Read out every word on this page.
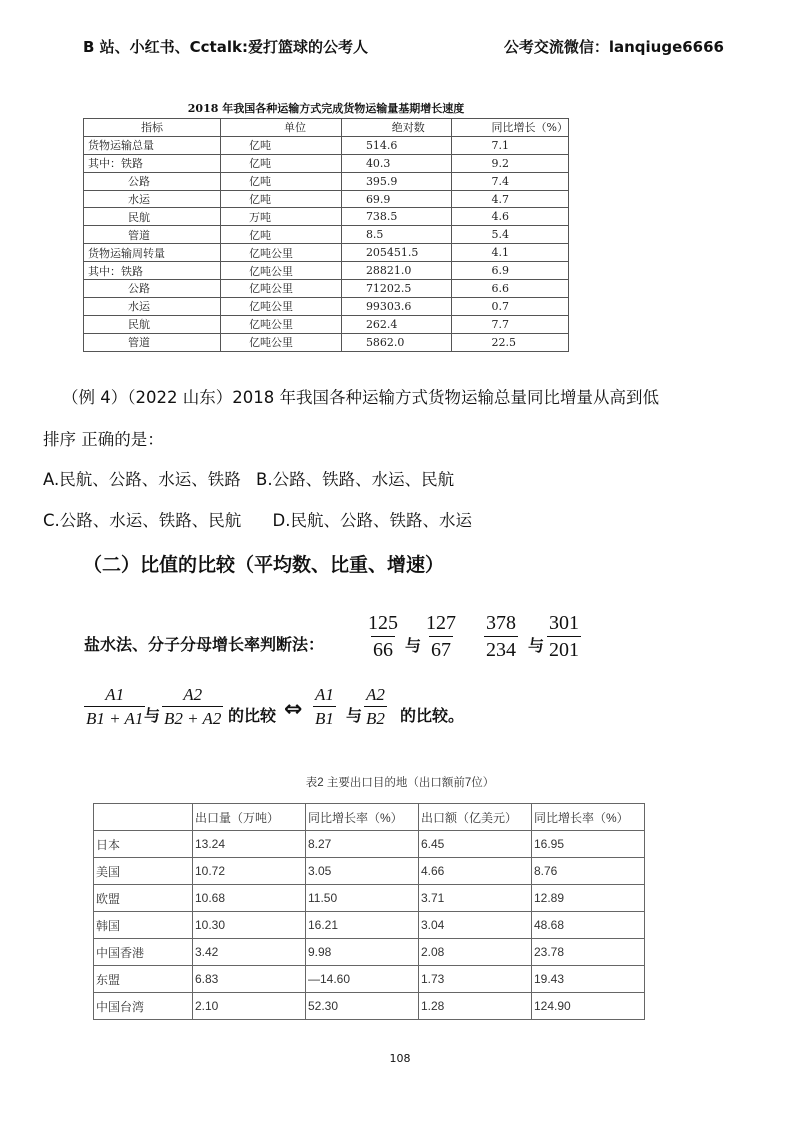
B 站、小红书、Cctalk:爱打篮球的公考人	公考交流微信：lanqiuge6666
2018 年我国各种运输方式完成货物运输量基期增长速度
指标	单位	绝对数	同比增长（%）
货物运输总量	亿吨	514.6	7.1
其中：铁路	亿吨	40.3	9.2
公路	亿吨	395.9	7.4
水运	亿吨	69.9	4.7
民航	万吨	738.5	4.6
管道	亿吨	8.5	5.4
货物运输周转量	亿吨公里	205451.5	4.1
其中：铁路	亿吨公里	28821.0	6.9
公路	亿吨公里	71202.5	6.6
水运	亿吨公里	99303.6	0.7
民航	亿吨公里	262.4	7.7
管道	亿吨公里	5862.0	22.5
（例 4）（2022 山东）2018 年我国各种运输方式货物运输总量同比增量从高到低
排序 正确的是：
A.民航、公路、水运、铁路 B.公路、铁路、水运、民航
C.公路、水运、铁路、民航 D.民航、公路、铁路、水运
（二）比值的比较（平均数、比重、增速）
盐水法、分子分母增长率判断法： $\frac{125}{66}$ 与 $\frac{127}{67} \frac{378}{234}$ 与 $\frac{301}{201}$
$\frac{A1}{B1 + A1}$
与 $\frac{A2}{B2 + A2}$ 的比较 ⇔ $\frac{A1}{B1}$ 与 $\frac{A2}{B2}$ 的比较。
表2 主要出口目的地（出口额前7位）
	出口量（万吨）	同比增长率（%）	出口额（亿美元）	同比增长率（%）
日本	13.24	8.27	6.45	16.95
美国	10.72	3.05	4.66	8.76
欧盟	10.68	11.50	3.71	12.89
韩国	10.30	16.21	3.04	48.68
中国香港	3.42	9.98	2.08	23.78
东盟	6.83	—14.60	1.73	19.43
中国台湾	2.10	52.30	1.28	124.90
108
